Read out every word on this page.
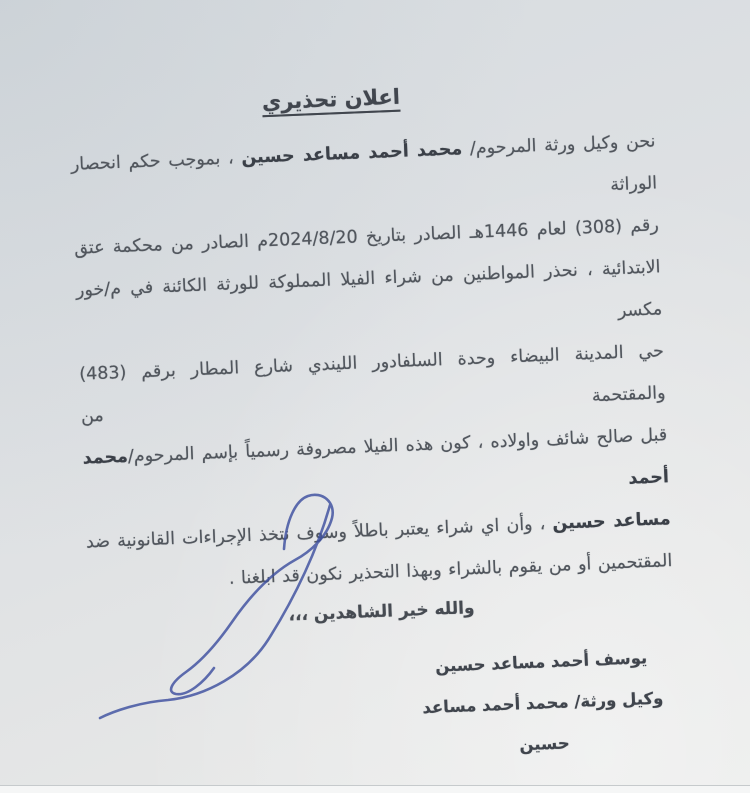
اعلان تحذيري
نحن وكيل ورثة المرحوم/ محمد أحمد مساعد حسين ، بموجب حكم انحصار الوراثة
رقم (308) لعام 1446هـ الصادر بتاريخ 2024/8/20م الصادر من محكمة عتق
الابتدائية ، نحذر المواطنين من شراء الفيلا المملوكة للورثة الكائنة في م/خور مكسر
حي المدينة البيضاء وحدة السلفادور الليندي شارع المطار برقم (483) والمقتحمة من
قبل صالح شائف واولاده ، كون هذه الفيلا مصروفة رسمياً بإسم المرحوم/محمد أحمد
مساعد حسين ، وأن اي شراء يعتبر باطلاً وسوف نتخذ الإجراءات القانونية ضد
المقتحمين أو من يقوم بالشراء وبهذا التحذير نكون قد ابلغنا .
والله خير الشاهدين ،،،
يوسف أحمد مساعد حسين
وكيل ورثة/ محمد أحمد مساعد حسين
